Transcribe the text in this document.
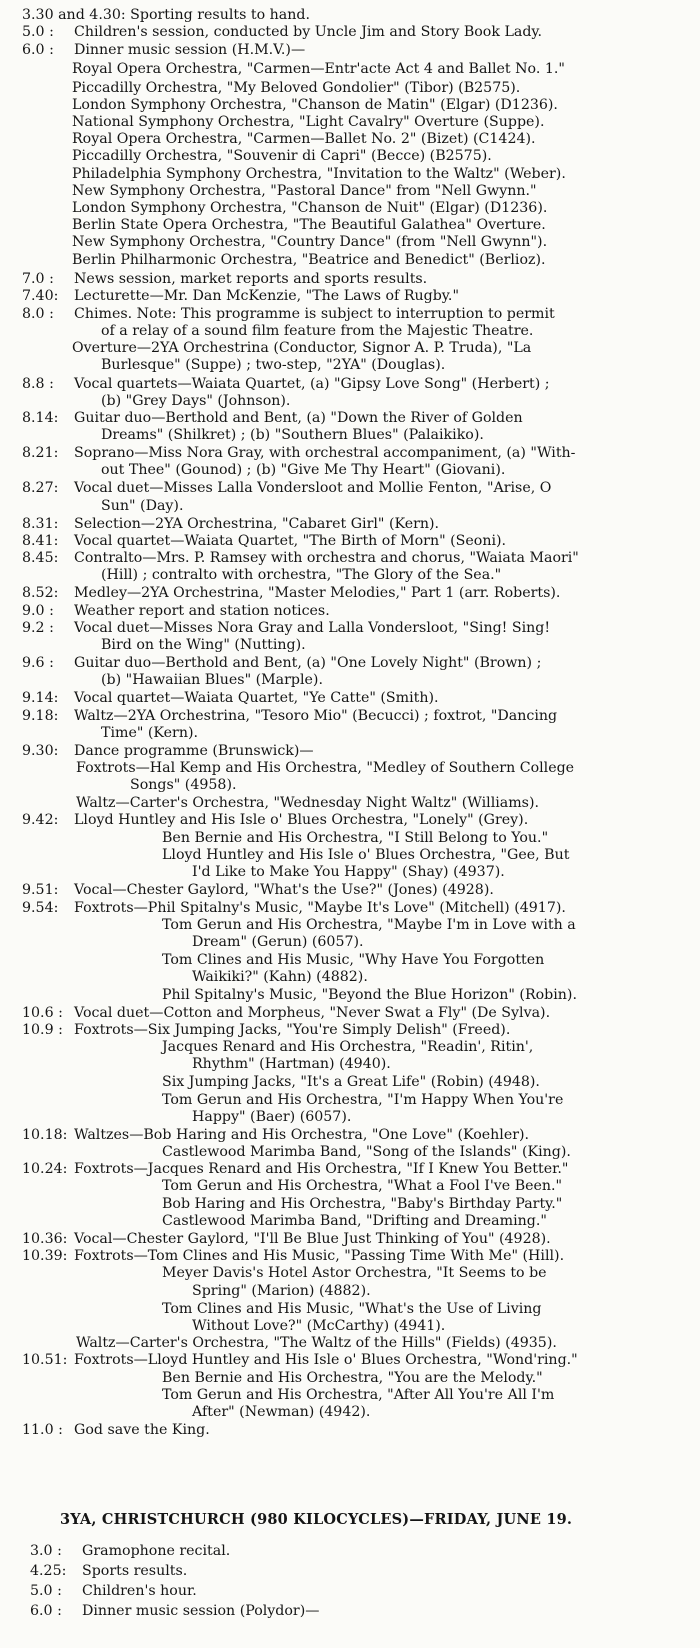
3.30 and 4.30: Sporting results to hand.
5.0 : Children's session, conducted by Uncle Jim and Story Book Lady.
6.0 : Dinner music session (H.M.V.)—
Royal Opera Orchestra, "Carmen—Entr'acte Act 4 and Ballet No. 1."
Piccadilly Orchestra, "My Beloved Gondolier" (Tibor) (B2575).
London Symphony Orchestra, "Chanson de Matin" (Elgar) (D1236).
National Symphony Orchestra, "Light Cavalry" Overture (Suppe).
Royal Opera Orchestra, "Carmen—Ballet No. 2" (Bizet) (C1424).
Piccadilly Orchestra, "Souvenir di Capri" (Becce) (B2575).
Philadelphia Symphony Orchestra, "Invitation to the Waltz" (Weber).
New Symphony Orchestra, "Pastoral Dance" from "Nell Gwynn."
London Symphony Orchestra, "Chanson de Nuit" (Elgar) (D1236).
Berlin State Opera Orchestra, "The Beautiful Galathea" Overture.
New Symphony Orchestra, "Country Dance" (from "Nell Gwynn").
Berlin Philharmonic Orchestra, "Beatrice and Benedict" (Berlioz).
7.0 : News session, market reports and sports results.
7.40: Lecturette—Mr. Dan McKenzie, "The Laws of Rugby."
8.0 : Chimes. Note: This programme is subject to interruption to permit
of a relay of a sound film feature from the Majestic Theatre.
Overture—2YA Orchestrina (Conductor, Signor A. P. Truda), "La
Burlesque" (Suppe) ; two-step, "2YA" (Douglas).
8.8 : Vocal quartets—Waiata Quartet, (a) "Gipsy Love Song" (Herbert) ;
(b) "Grey Days" (Johnson).
8.14: Guitar duo—Berthold and Bent, (a) "Down the River of Golden
Dreams" (Shilkret) ; (b) "Southern Blues" (Palaikiko).
8.21: Soprano—Miss Nora Gray, with orchestral accompaniment, (a) "With-
out Thee" (Gounod) ; (b) "Give Me Thy Heart" (Giovani).
8.27: Vocal duet—Misses Lalla Vondersloot and Mollie Fenton, "Arise, O
Sun" (Day).
8.31: Selection—2YA Orchestrina, "Cabaret Girl" (Kern).
8.41: Vocal quartet—Waiata Quartet, "The Birth of Morn" (Seoni).
8.45: Contralto—Mrs. P. Ramsey with orchestra and chorus, "Waiata Maori"
(Hill) ; contralto with orchestra, "The Glory of the Sea."
8.52: Medley—2YA Orchestrina, "Master Melodies," Part 1 (arr. Roberts).
9.0 : Weather report and station notices.
9.2 : Vocal duet—Misses Nora Gray and Lalla Vondersloot, "Sing! Sing!
Bird on the Wing" (Nutting).
9.6 : Guitar duo—Berthold and Bent, (a) "One Lovely Night" (Brown) ;
(b) "Hawaiian Blues" (Marple).
9.14: Vocal quartet—Waiata Quartet, "Ye Catte" (Smith).
9.18: Waltz—2YA Orchestrina, "Tesoro Mio" (Becucci) ; foxtrot, "Dancing
Time" (Kern).
9.30: Dance programme (Brunswick)—
Foxtrots—Hal Kemp and His Orchestra, "Medley of Southern College
Songs" (4958).
Waltz—Carter's Orchestra, "Wednesday Night Waltz" (Williams).
9.42: Lloyd Huntley and His Isle o' Blues Orchestra, "Lonely" (Grey).
Ben Bernie and His Orchestra, "I Still Belong to You."
Lloyd Huntley and His Isle o' Blues Orchestra, "Gee, But
I'd Like to Make You Happy" (Shay) (4937).
9.51: Vocal—Chester Gaylord, "What's the Use?" (Jones) (4928).
9.54: Foxtrots—Phil Spitalny's Music, "Maybe It's Love" (Mitchell) (4917).
Tom Gerun and His Orchestra, "Maybe I'm in Love with a
Dream" (Gerun) (6057).
Tom Clines and His Music, "Why Have You Forgotten
Waikiki?" (Kahn) (4882).
Phil Spitalny's Music, "Beyond the Blue Horizon" (Robin).
10.6 : Vocal duet—Cotton and Morpheus, "Never Swat a Fly" (De Sylva).
10.9 : Foxtrots—Six Jumping Jacks, "You're Simply Delish" (Freed).
Jacques Renard and His Orchestra, "Readin', Ritin',
Rhythm" (Hartman) (4940).
Six Jumping Jacks, "It's a Great Life" (Robin) (4948).
Tom Gerun and His Orchestra, "I'm Happy When You're
Happy" (Baer) (6057).
10.18: Waltzes—Bob Haring and His Orchestra, "One Love" (Koehler).
Castlewood Marimba Band, "Song of the Islands" (King).
10.24: Foxtrots—Jacques Renard and His Orchestra, "If I Knew You Better."
Tom Gerun and His Orchestra, "What a Fool I've Been."
Bob Haring and His Orchestra, "Baby's Birthday Party."
Castlewood Marimba Band, "Drifting and Dreaming."
10.36: Vocal—Chester Gaylord, "I'll Be Blue Just Thinking of You" (4928).
10.39: Foxtrots—Tom Clines and His Music, "Passing Time With Me" (Hill).
Meyer Davis's Hotel Astor Orchestra, "It Seems to be
Spring" (Marion) (4882).
Tom Clines and His Music, "What's the Use of Living
Without Love?" (McCarthy) (4941).
Waltz—Carter's Orchestra, "The Waltz of the Hills" (Fields) (4935).
10.51: Foxtrots—Lloyd Huntley and His Isle o' Blues Orchestra, "Wond'ring."
Ben Bernie and His Orchestra, "You are the Melody."
Tom Gerun and His Orchestra, "After All You're All I'm
After" (Newman) (4942).
11.0 : God save the King.
3YA, CHRISTCHURCH (980 KILOCYCLES)—FRIDAY, JUNE 19.
3.0 : Gramophone recital.
4.25: Sports results.
5.0 : Children's hour.
6.0 : Dinner music session (Polydor)—
